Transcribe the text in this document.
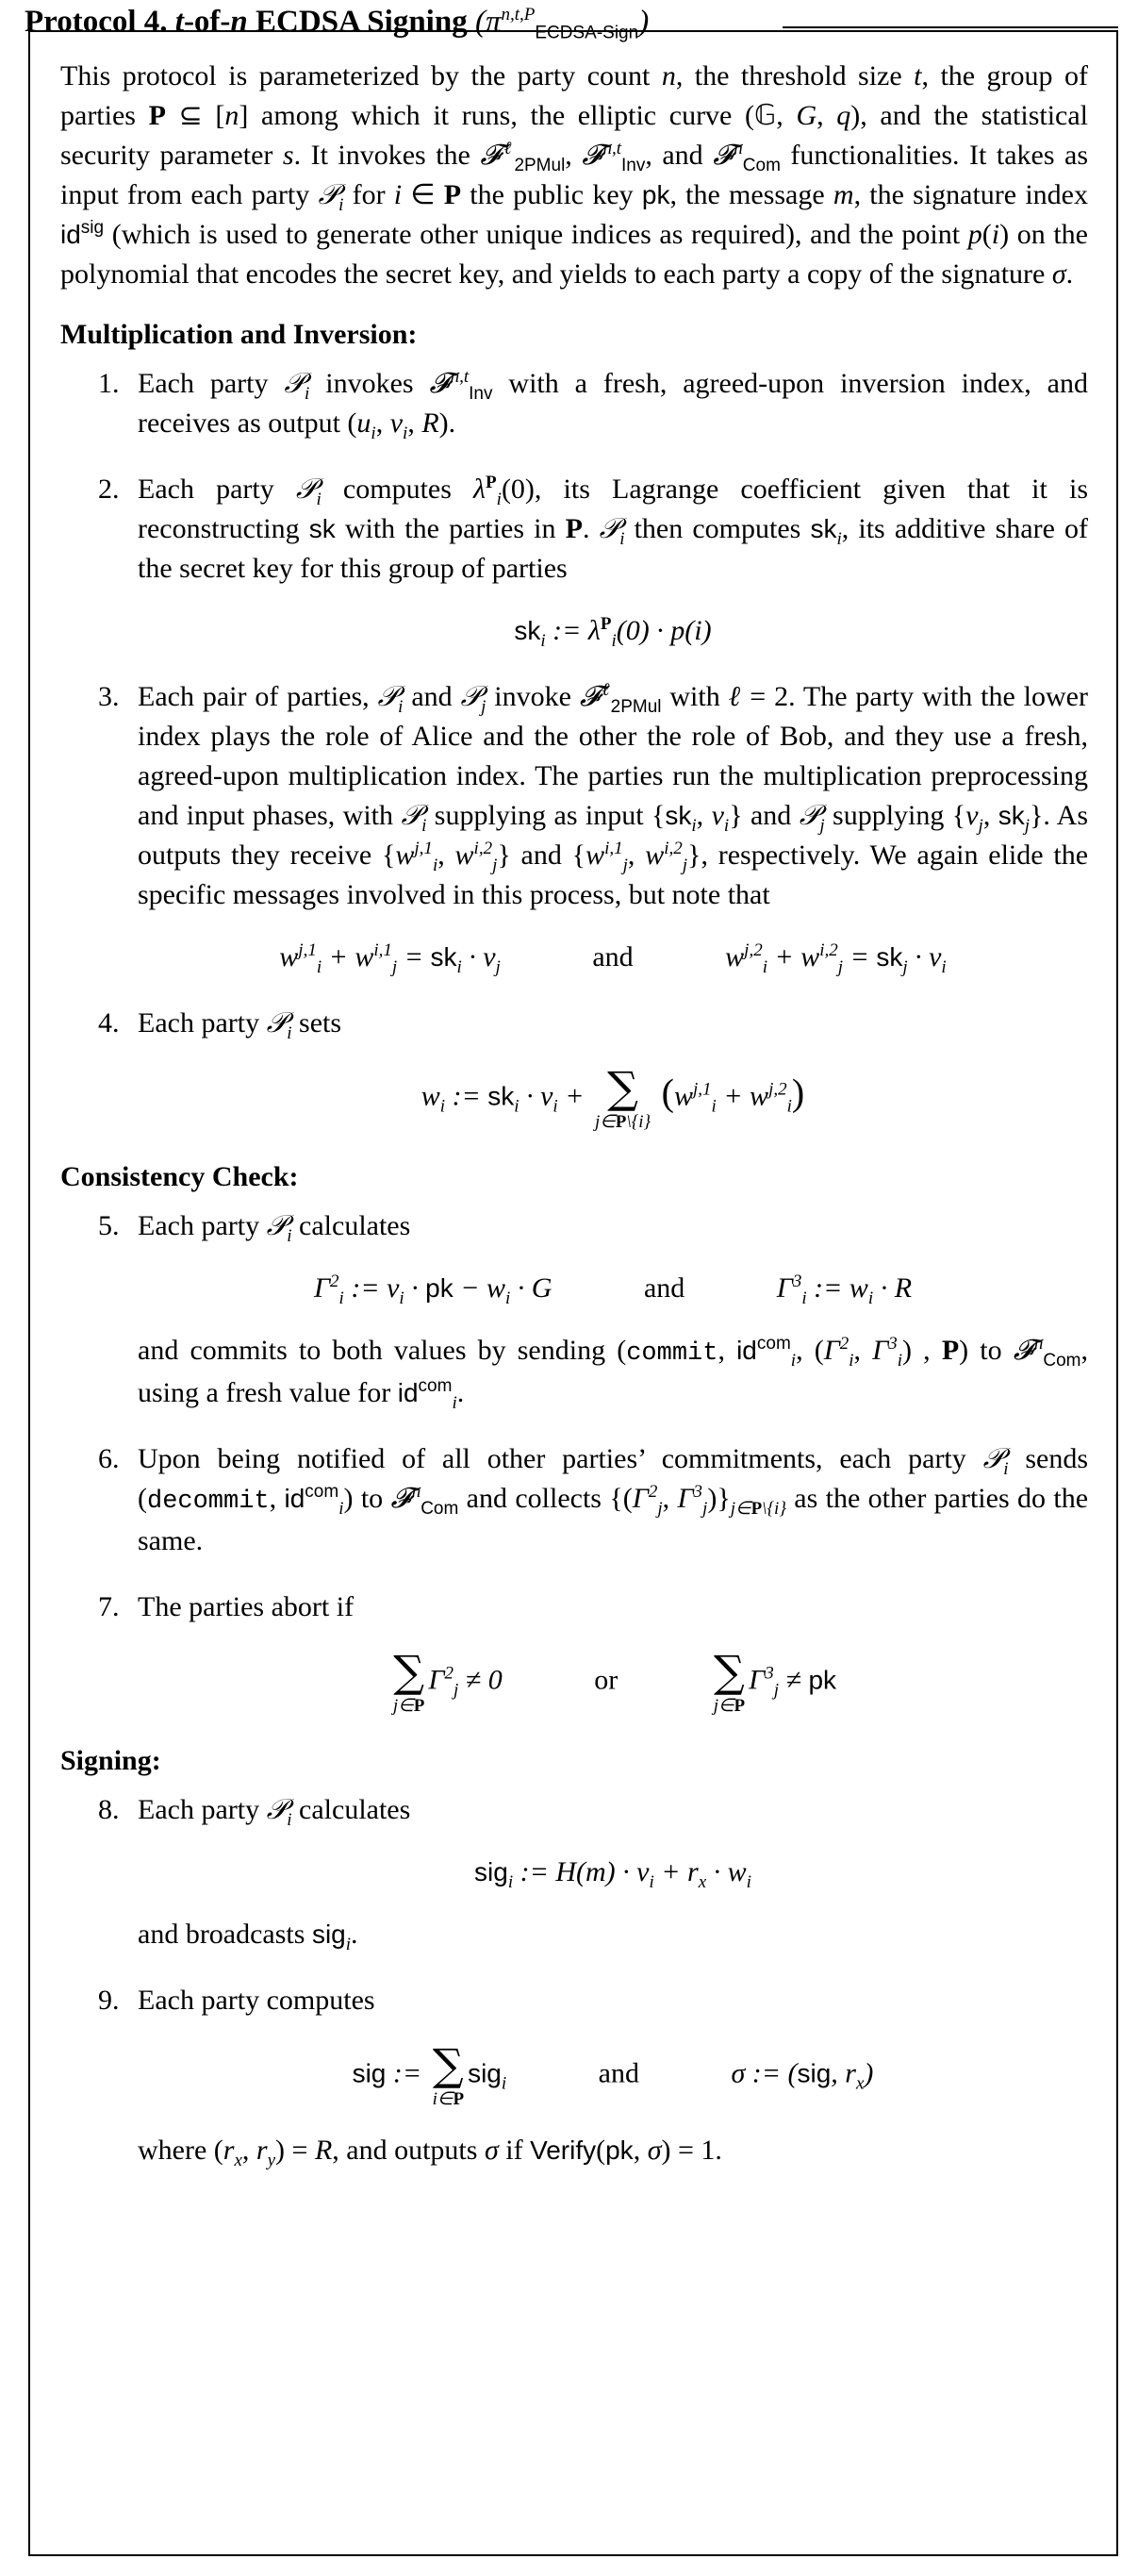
Protocol 4. t-of-n ECDSA Signing $(\pi^{n,t,P}_{ECDSA-Sign})$

This protocol is parameterized by the party count n, the threshold size t, the group of parties P ⊆ [n] among which it runs, the elliptic curve (𝔾, G, q), and the statistical security parameter s. It invokes the 𝓕$^\ell_{2PMul}$, 𝓕$^{n,t}_{Inv}$, and 𝓕$^n_{Com}$ functionalities. It takes as input from each party 𝒫$_i$ for i ∈ P the public key pk, the message m, the signature index $id^{sig}$ (which is used to generate other unique indices as required), and the point p(i) on the polynomial that encodes the secret key, and yields to each party a copy of the signature σ.

Multiplication and Inversion:
1. Each party 𝒫$_i$ invokes 𝓕$^{n,t}_{Inv}$ with a fresh, agreed-upon inversion index, and receives as output ($u_i$, $v_i$, R).
2. Each party 𝒫$_i$ computes $\lambda^P_i(0)$, its Lagrange coefficient given that it is reconstructing sk with the parties in P. 𝒫$_i$ then computes $sk_i$, its additive share of the secret key for this group of parties
$sk_i$ := $\lambda^P_i(0) \cdot p(i)$
3. Each pair of parties, 𝒫$_i$ and 𝒫$_j$ invoke 𝓕$^\ell_{2PMul}$ with ℓ = 2. The party with the lower index plays the role of Alice and the other the role of Bob, and they use a fresh, agreed-upon multiplication index. The parties run the multiplication preprocessing and input phases, with 𝒫$_i$ supplying as input {$sk_i$, $v_i$} and 𝒫$_j$ supplying {$v_j$, $sk_j$}. As outputs they receive {$w^{j,1}_i$, $w^{i,2}_j$} and {$w^{i,1}_j$, $w^{i,2}_j$}, respectively. We again elide the specific messages involved in this process, but note that
$w^{j,1}_i + w^{i,1}_j = sk_i \cdot v_j$	and	$w^{j,2}_i + w^{i,2}_j = sk_j \cdot v_i$
4. Each party 𝒫$_i$ sets
$w_i$ := $sk_i \cdot v_i$ + ∑
j∈P\{i}
$(w^{j,1}_i + w^{j,2}_i)$
Consistency Check:
5. Each party 𝒫$_i$ calculates
$\Gamma^2_i$ := $v_i$ · pk − $w_i \cdot G$	and	$\Gamma^3_i$ := $w_i \cdot R$
and commits to both values by sending (commit, $id^{com}_i$, ($\Gamma^2_i$, $\Gamma^3_i$) , P) to 𝓕$^n_{Com}$, using a fresh value for $id^{com}_i$.
6. Upon being notified of all other parties’ commitments, each party 𝒫$_i$ sends (decommit, $id^{com}_i$) to 𝓕$^n_{Com}$ and collects {($\Gamma^2_j$, $\Gamma^3_j)\}_{j\in P\backslash\{i\}}$ as the other parties do the same.
7. The parties abort if
∑
j∈P
$\Gamma^2_j \ne 0$	or ∑
j∈P
$\Gamma^3_j$ ≠ pk
Signing:
8. Each party 𝒫$_i$ calculates
sig$_i$ := $H(m) \cdot v_i + r_x \cdot w_i$
and broadcasts sig$_i$.
9. Each party computes
sig := ∑
i∈P
sig$_i$	and	σ := (sig, $r_x$)
where ($r_x$, $r_y) = R$, and outputs σ if Verify(pk, σ) = 1.
